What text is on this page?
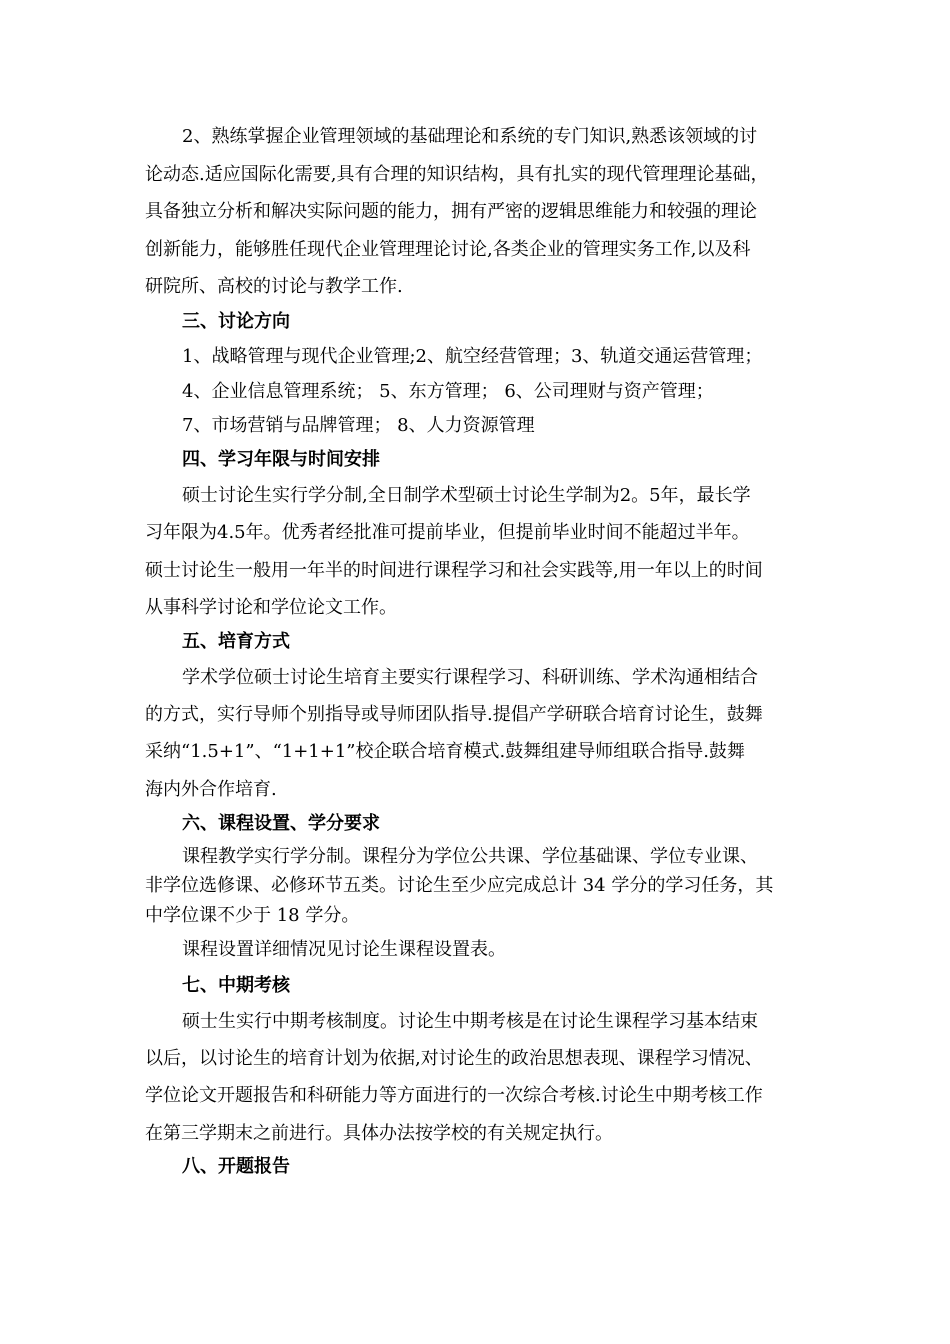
2、熟练掌握企业管理领域的基础理论和系统的专门知识,熟悉该领域的讨

论动态.适应国际化需要,具有合理的知识结构，具有扎实的现代管理理论基础，

具备独立分析和解决实际问题的能力，拥有严密的逻辑思维能力和较强的理论

创新能力，能够胜任现代企业管理理论讨论,各类企业的管理实务工作,以及科

研院所、高校的讨论与教学工作.

三、讨论方向

1、战略管理与现代企业管理;2、航空经营管理；3、轨道交通运营管理；

4、企业信息管理系统； 5、东方管理； 6、公司理财与资产管理；

7、市场营销与品牌管理； 8、人力资源管理

四、学习年限与时间安排

硕士讨论生实行学分制,全日制学术型硕士讨论生学制为2。5年，最长学

习年限为4.5年。优秀者经批准可提前毕业，但提前毕业时间不能超过半年。

硕士讨论生一般用一年半的时间进行课程学习和社会实践等,用一年以上的时间

从事科学讨论和学位论文工作。

五、培育方式

学术学位硕士讨论生培育主要实行课程学习、科研训练、学术沟通相结合

的方式，实行导师个别指导或导师团队指导.提倡产学研联合培育讨论生，鼓舞

采纳“1.5+1”、“1+1+1”校企联合培育模式.鼓舞组建导师组联合指导.鼓舞

海内外合作培育.

六、课程设置、学分要求

课程教学实行学分制。课程分为学位公共课、学位基础课、学位专业课、

非学位选修课、必修环节五类。讨论生至少应完成总计 34 学分的学习任务，其

中学位课不少于 18 学分。

课程设置详细情况见讨论生课程设置表。

七、中期考核

硕士生实行中期考核制度。讨论生中期考核是在讨论生课程学习基本结束

以后，以讨论生的培育计划为依据,对讨论生的政治思想表现、课程学习情况、

学位论文开题报告和科研能力等方面进行的一次综合考核.讨论生中期考核工作

在第三学期末之前进行。具体办法按学校的有关规定执行。

八、开题报告
